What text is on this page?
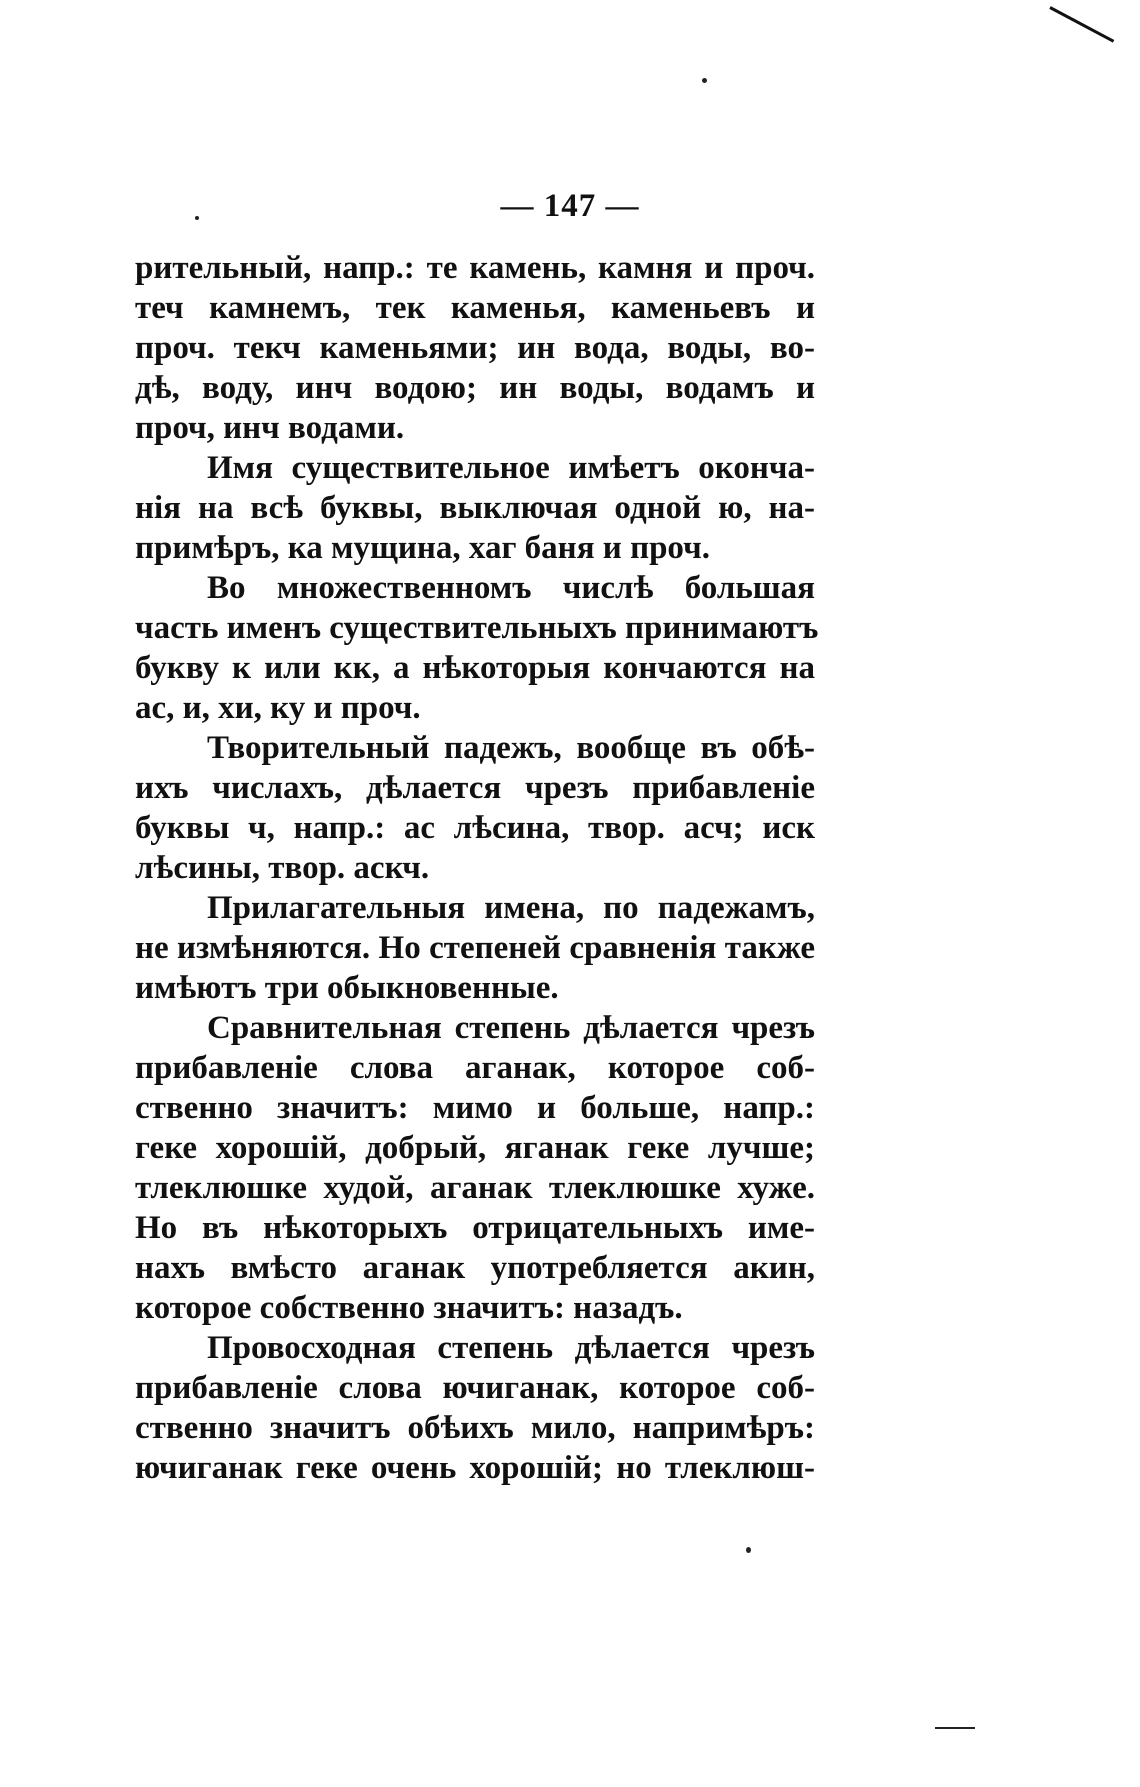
— 147 —
рительный, напр.: те камень, камня и проч.
теч камнемъ, тек каменья, каменьевъ и
проч. текч каменьями; ин вода, воды, во-
дѣ, воду, инч водою; ин воды, водамъ и
проч, инч водами.
Имя существительное имѣетъ оконча-
нія на всѣ буквы, выключая одной ю, на-
примѣръ, ка мущина, хаг баня и проч.
Во множественномъ числѣ большая
часть именъ существительныхъ принимаютъ
букву к или кк, а нѣкоторыя кончаются на
ас, и, хи, ку и проч.
Творительный падежъ, вообще въ обѣ-
ихъ числахъ, дѣлается чрезъ прибавленіе
буквы ч, напр.: ас лѣсина, твор. асч; иск
лѣсины, твор. аскч.
Прилагательныя имена, по падежамъ,
не измѣняются. Но степеней сравненія также
имѣютъ три обыкновенные.
Сравнительная степень дѣлается чрезъ
прибавленіе слова аганак, которое соб-
ственно значитъ: мимо и больше, напр.:
геке хорошій, добрый, яганак геке лучше;
тлеклюшке худой, аганак тлеклюшке хуже.
Но въ нѣкоторыхъ отрицательныхъ име-
нахъ вмѣсто аганак употребляется акин,
которое собственно значитъ: назадъ.
Провосходная степень дѣлается чрезъ
прибавленіе слова ючиганак, которое соб-
ственно значитъ обѣихъ мило, напримѣръ:
ючиганак геке очень хорошій; но тлеклюш-
